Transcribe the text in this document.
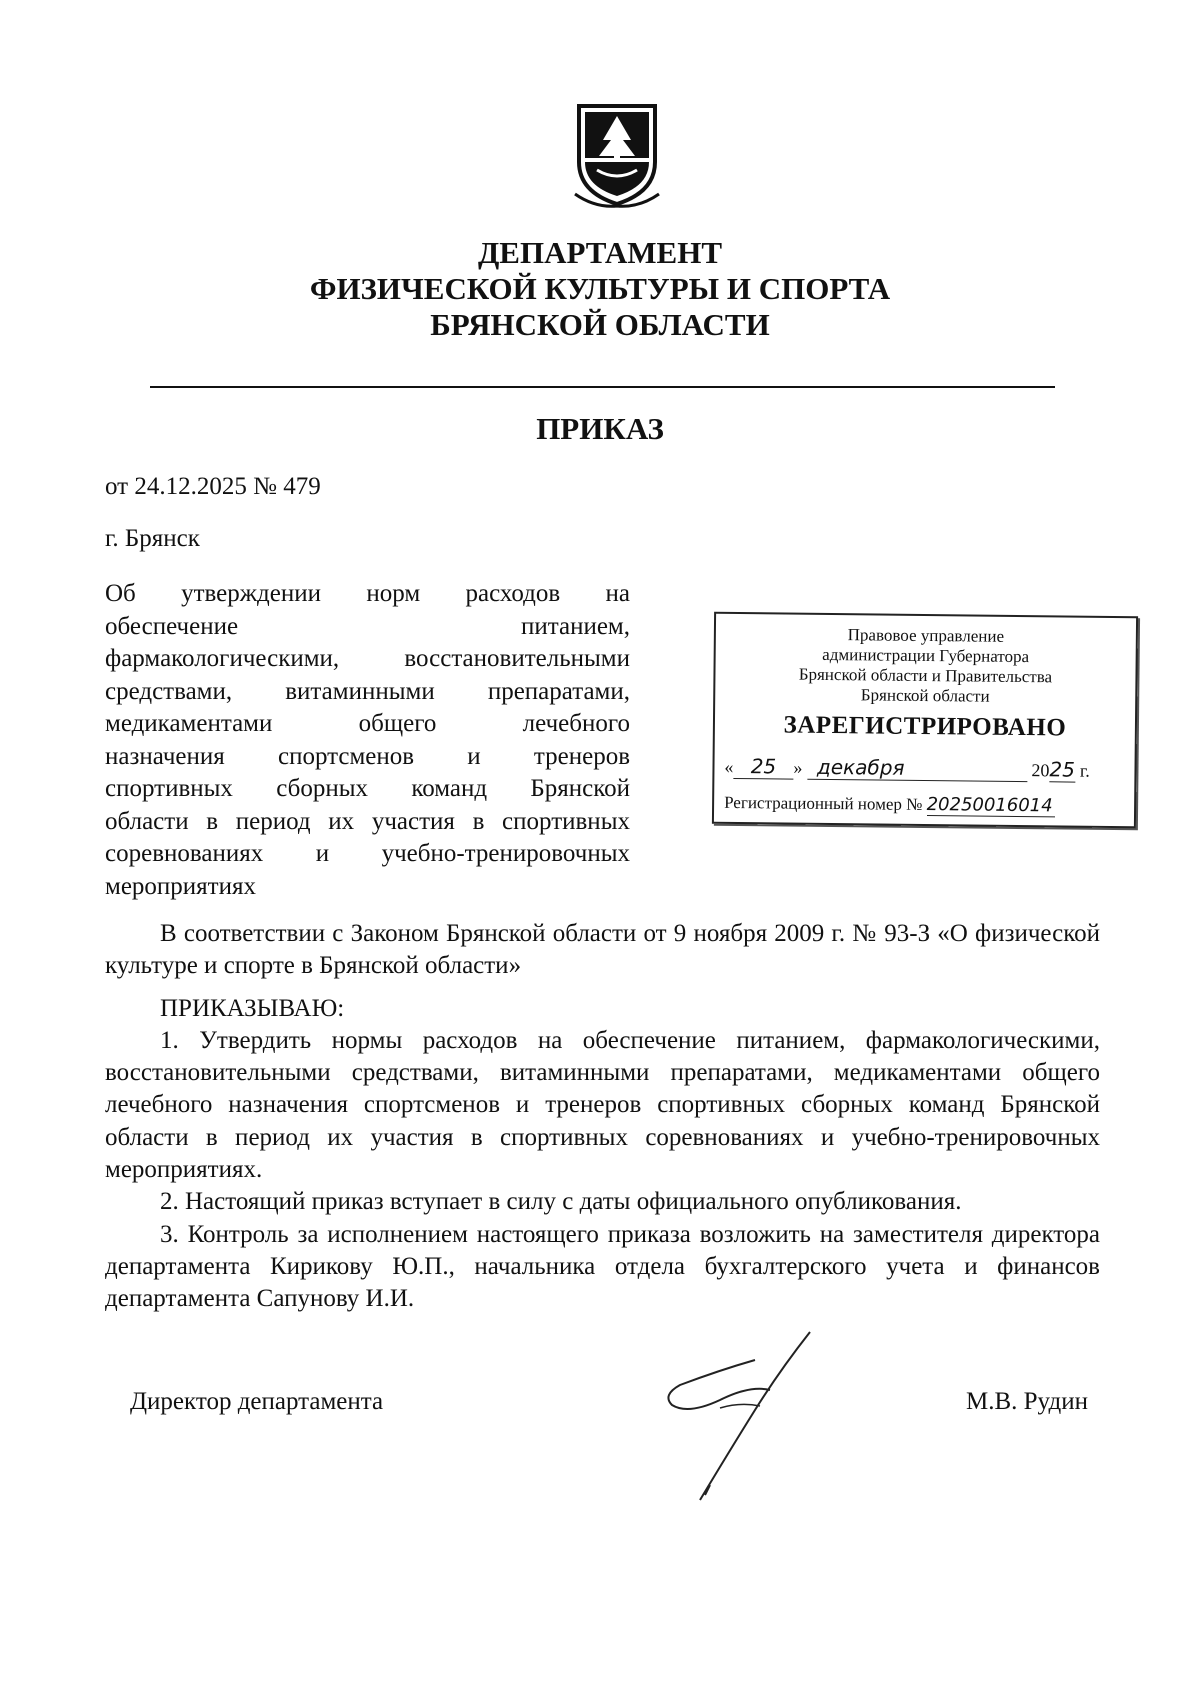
ДЕПАРТАМЕНТ
ФИЗИЧЕСКОЙ КУЛЬТУРЫ И СПОРТА
БРЯНСКОЙ ОБЛАСТИ
ПРИКАЗ
от 24.12.2025 № 479
г. Брянск
Об утверждении норм расходов на
обеспечение питанием,
фармакологическими, восстановительными
средствами, витаминными препаратами,
медикаментами общего лечебного
назначения спортсменов и тренеров
спортивных сборных команд Брянской
области в период их участия в спортивных
соревнованиях и учебно-тренировочных
мероприятиях
Правовое управление
администрации Губернатора
Брянской области и Правительства
Брянской области
ЗАРЕГИСТРИРОВАНО
« 25 » декабря	2025 г.
Регистрационный номер № 20250016014
В соответствии с Законом Брянской области от 9 ноября 2009 г. № 93-З «О физической культуре и спорте в Брянской области»
ПРИКАЗЫВАЮ:
1. Утвердить нормы расходов на обеспечение питанием, фармакологическими, восстановительными средствами, витаминными препаратами, медикаментами общего лечебного назначения спортсменов и тренеров спортивных сборных команд Брянской области в период их участия в спортивных соревнованиях и учебно-тренировочных мероприятиях.
2. Настоящий приказ вступает в силу с даты официального опубликования.
3. Контроль за исполнением настоящего приказа возложить на заместителя директора департамента Кирикову Ю.П., начальника отдела бухгалтерского учета и финансов департамента Сапунову И.И.
Директор департамента	М.В. Рудин
